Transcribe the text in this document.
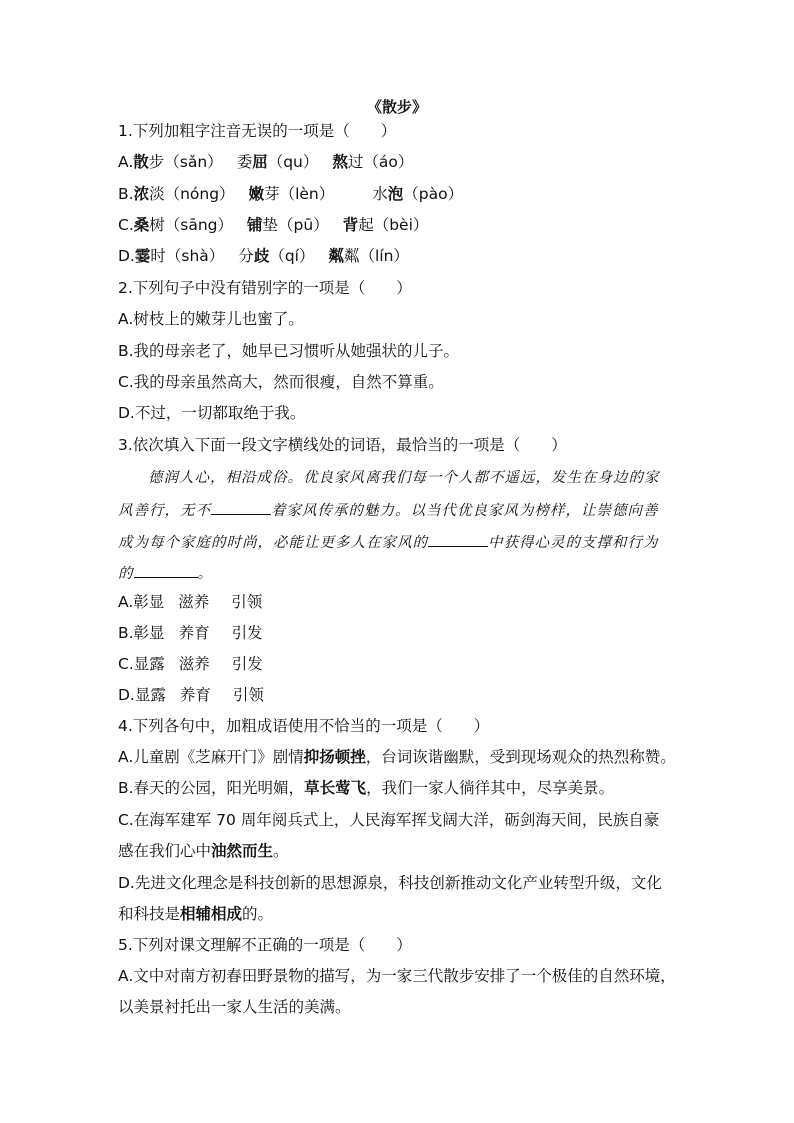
《散步》
1.下列加粗字注音无误的一项是（　　）
A.散步（sǎn） 委屈（qu） 熬过（áo）
B.浓淡（nóng） 嫩芽（lèn） 水泡（pào）
C.桑树（sāng） 铺垫（pū） 背起（bèi）
D.霎时（shà） 分歧（qí） 粼粼（lín）
2.下列句子中没有错别字的一项是（　　）
A.树枝上的嫩芽儿也蜜了。
B.我的母亲老了，她早已习惯听从她强状的儿子。
C.我的母亲虽然高大，然而很瘦，自然不算重。
D.不过，一切都取绝于我。
3.依次填入下面一段文字横线处的词语，最恰当的一项是（　　）
德润人心，相沿成俗。优良家风离我们每一个人都不遥远，发生在身边的家
风善行，无不	着家风传承的魅力。以当代优良家风为榜样，让崇德向善
成为每个家庭的时尚，必能让更多人在家风的	中获得心灵的支撑和行为
的	。
A.彰显 滋养 引领
B.彰显 养育 引发
C.显露 滋养 引发
D.显露 养育 引领
4.下列各句中，加粗成语使用不恰当的一项是（　　）
A.儿童剧《芝麻开门》剧情抑扬顿挫，台词诙谐幽默，受到现场观众的热烈称赞。
B.春天的公园，阳光明媚，草长莺飞，我们一家人徜徉其中，尽享美景。
C.在海军建军 70 周年阅兵式上，人民海军挥戈阔大洋，砺剑海天间，民族自豪
感在我们心中油然而生。
D.先进文化理念是科技创新的思想源泉，科技创新推动文化产业转型升级，文化
和科技是相辅相成的。
5.下列对课文理解不正确的一项是（　　）
A.文中对南方初春田野景物的描写，为一家三代散步安排了一个极佳的自然环境，
以美景衬托出一家人生活的美满。
